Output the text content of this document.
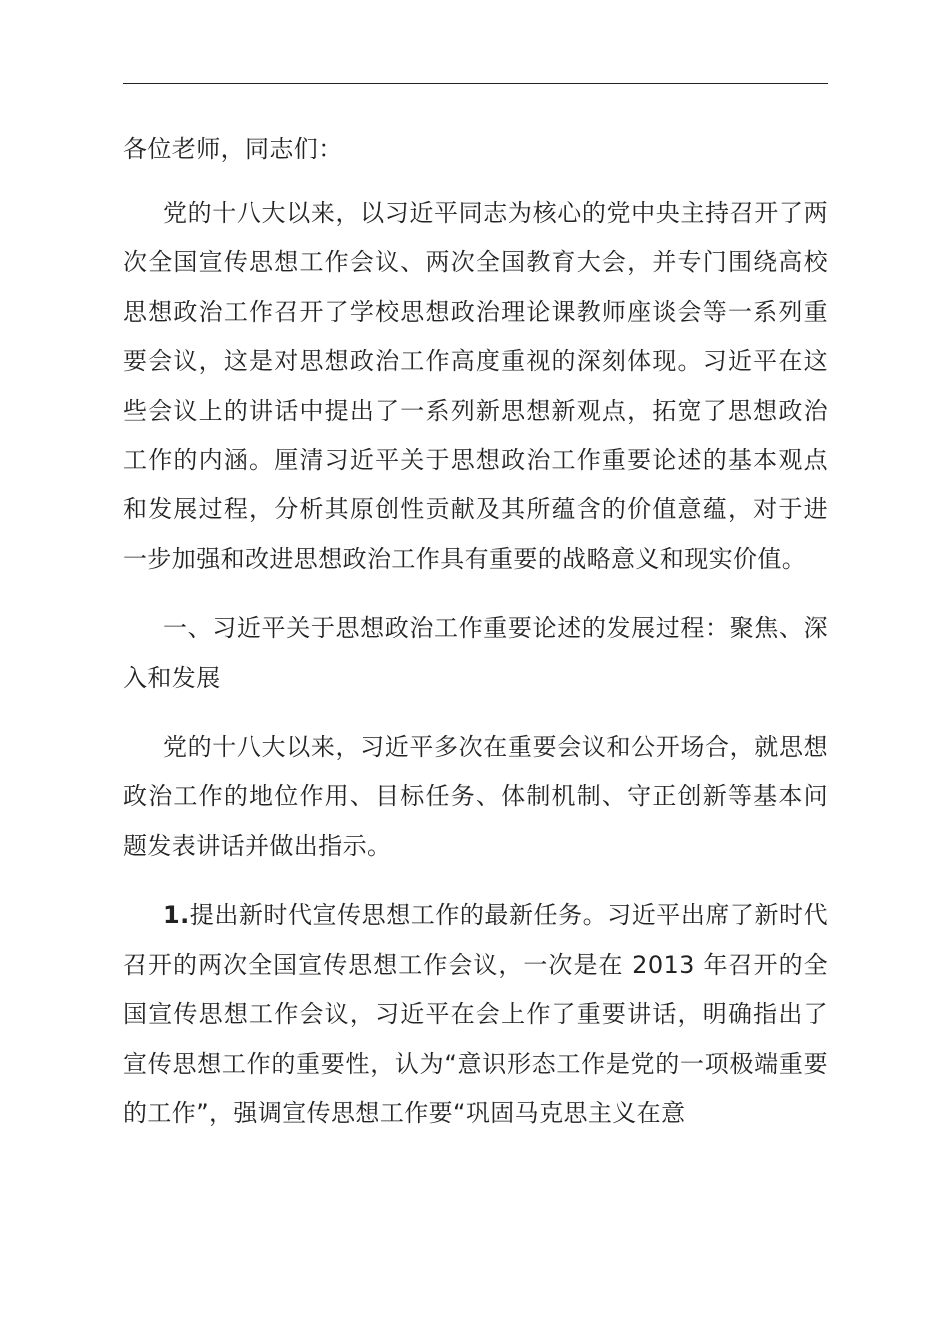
各位老师，同志们：

党的十八大以来，以习近平同志为核心的党中央主持召开了两次全国宣传思想工作会议、两次全国教育大会，并专门围绕高校思想政治工作召开了学校思想政治理论课教师座谈会等一系列重要会议，这是对思想政治工作高度重视的深刻体现。习近平在这些会议上的讲话中提出了一系列新思想新观点，拓宽了思想政治工作的内涵。厘清习近平关于思想政治工作重要论述的基本观点和发展过程，分析其原创性贡献及其所蕴含的价值意蕴，对于进一步加强和改进思想政治工作具有重要的战略意义和现实价值。

一、习近平关于思想政治工作重要论述的发展过程：聚焦、深入和发展

党的十八大以来，习近平多次在重要会议和公开场合，就思想政治工作的地位作用、目标任务、体制机制、守正创新等基本问题发表讲话并做出指示。

1.提出新时代宣传思想工作的最新任务。习近平出席了新时代召开的两次全国宣传思想工作会议，一次是在 2013 年召开的全国宣传思想工作会议，习近平在会上作了重要讲话，明确指出了宣传思想工作的重要性，认为“意识形态工作是党的一项极端重要的工作”，强调宣传思想工作要“巩固马克思主义在意
